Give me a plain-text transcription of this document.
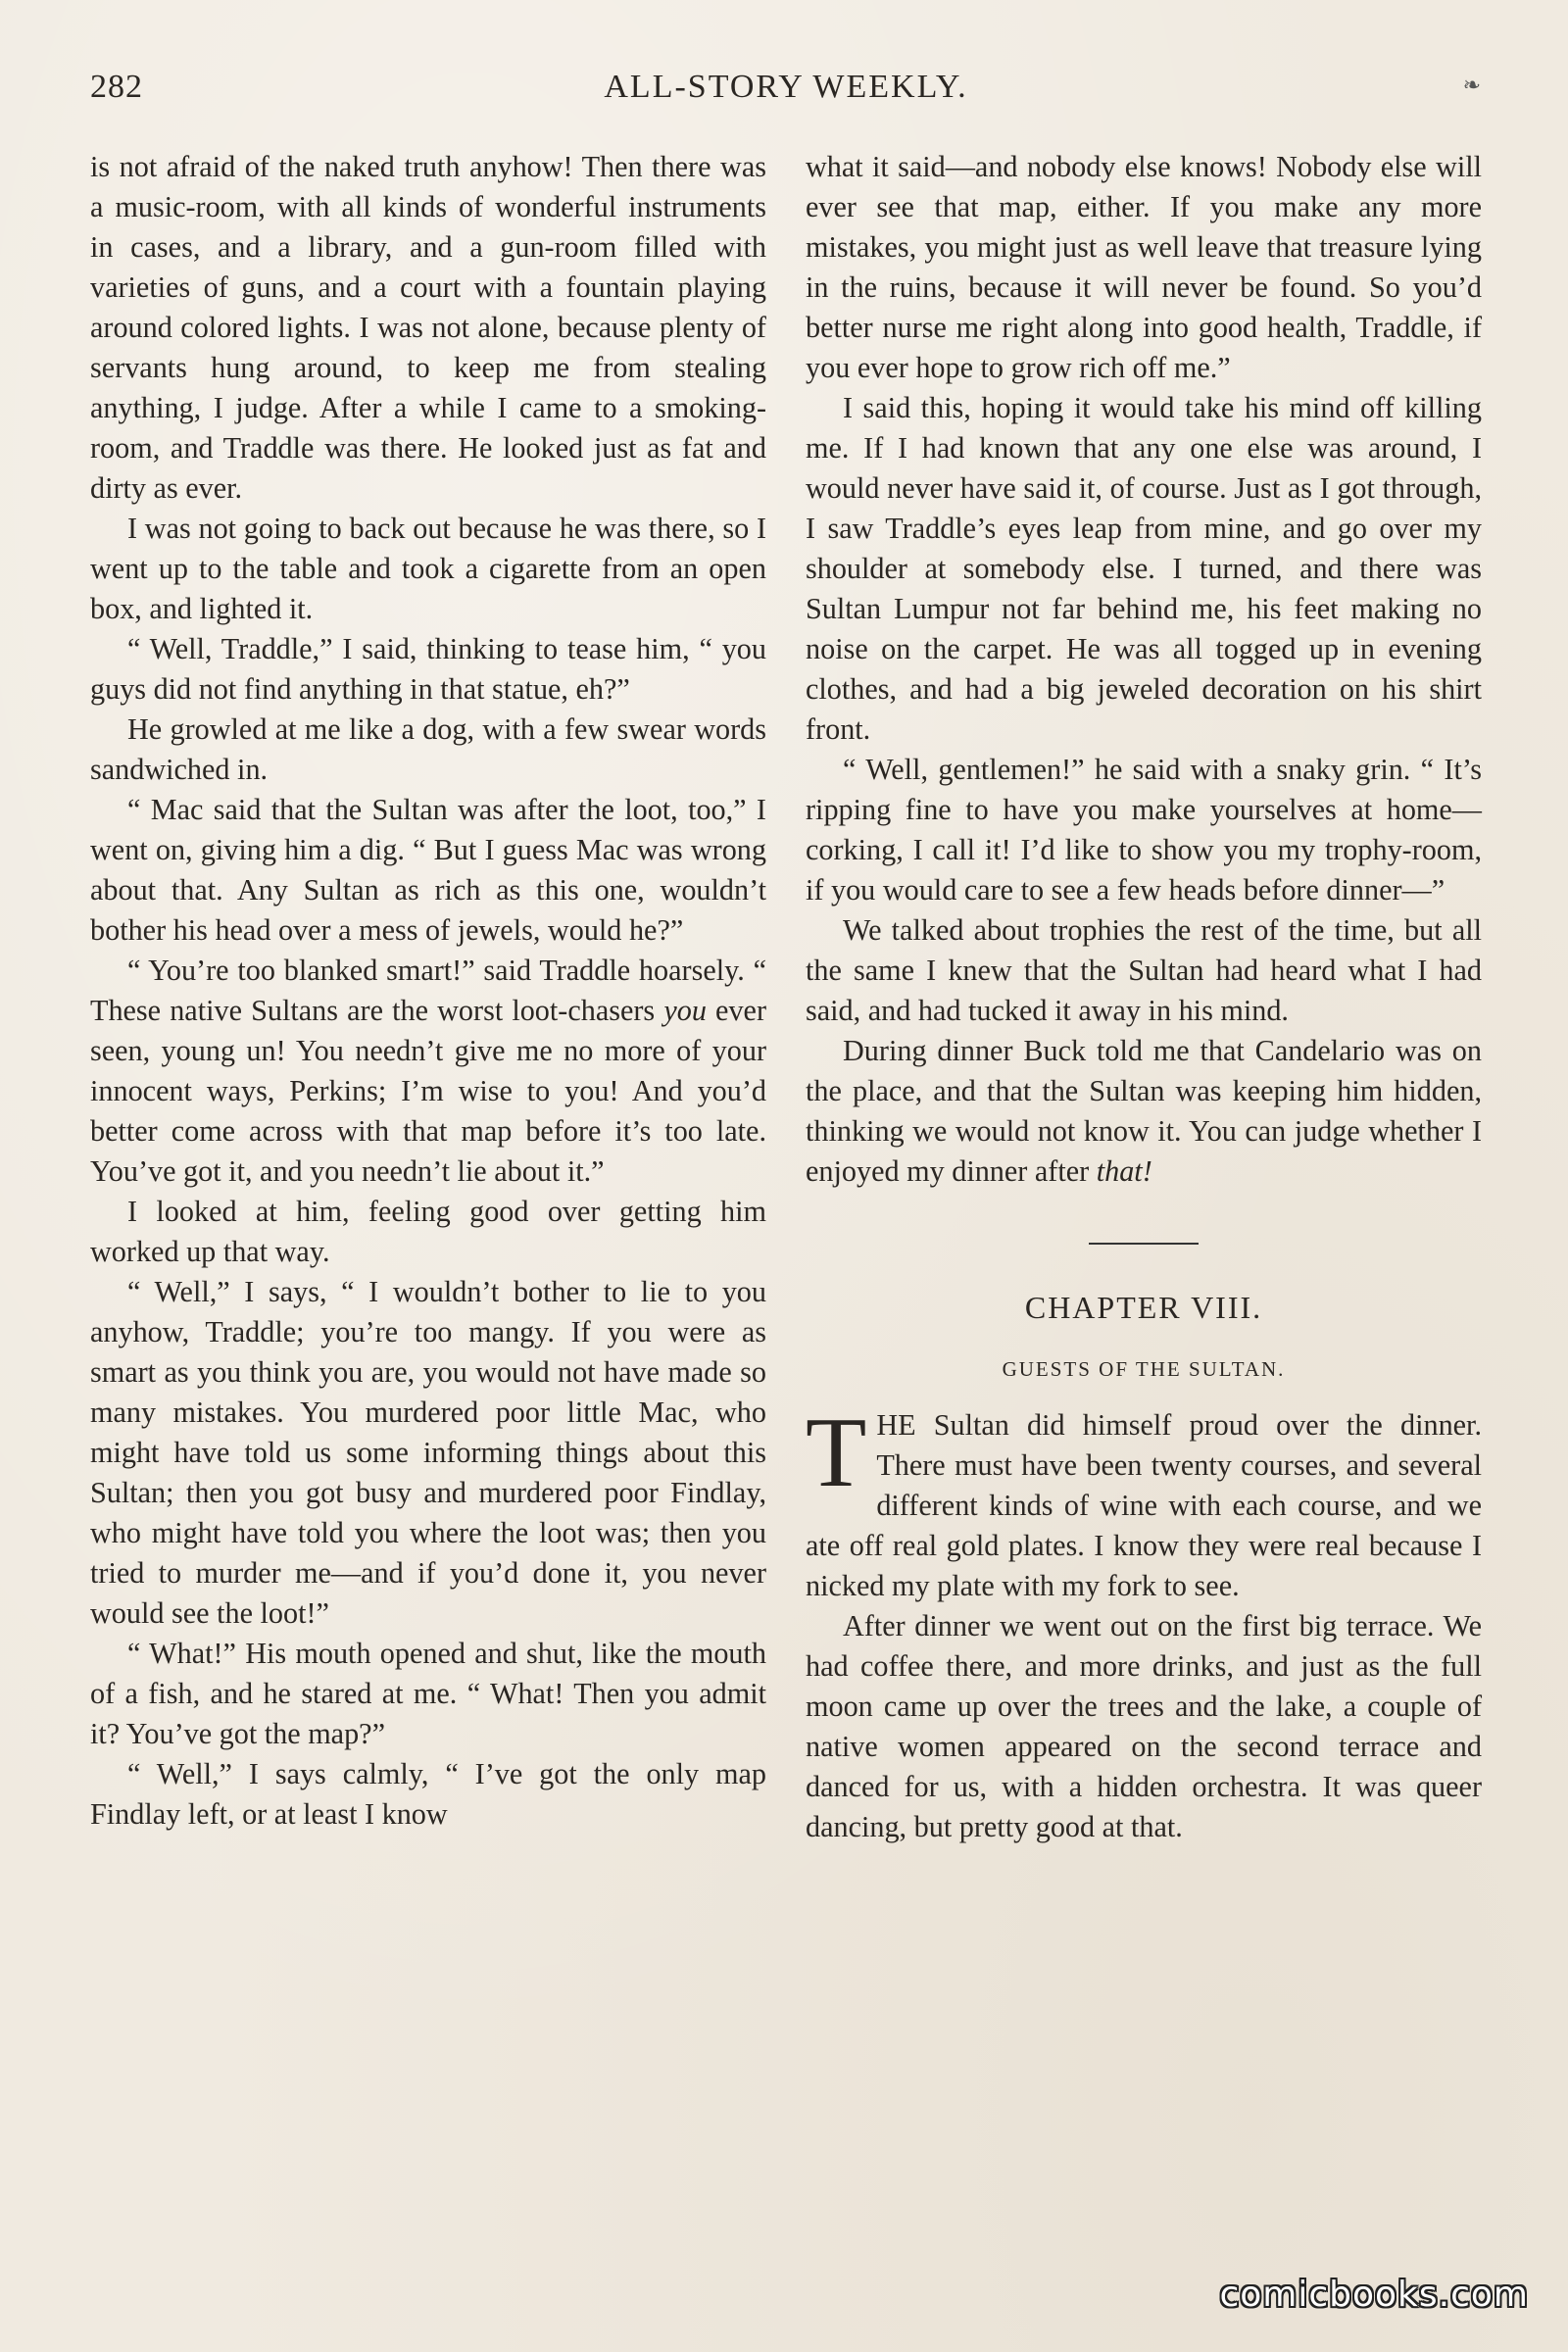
282	ALL-STORY WEEKLY.	❧

is not afraid of the naked truth anyhow! Then there was a music-room, with all kinds of wonderful instruments in cases, and a library, and a gun-room filled with varieties of guns, and a court with a fountain playing around colored lights. I was not alone, because plenty of servants hung around, to keep me from stealing anything, I judge. After a while I came to a smoking-room, and Traddle was there. He looked just as fat and dirty as ever.

I was not going to back out because he was there, so I went up to the table and took a cigarette from an open box, and lighted it.

“ Well, Traddle,” I said, thinking to tease him, “ you guys did not find anything in that statue, eh?”

He growled at me like a dog, with a few swear words sandwiched in.

“ Mac said that the Sultan was after the loot, too,” I went on, giving him a dig. “ But I guess Mac was wrong about that. Any Sultan as rich as this one, wouldn’t bother his head over a mess of jewels, would he?”

“ You’re too blanked smart!” said Traddle hoarsely. “ These native Sultans are the worst loot-chasers you ever seen, young un! You needn’t give me no more of your innocent ways, Perkins; I’m wise to you! And you’d better come across with that map before it’s too late. You’ve got it, and you needn’t lie about it.”

I looked at him, feeling good over getting him worked up that way.

“ Well,” I says, “ I wouldn’t bother to lie to you anyhow, Traddle; you’re too mangy. If you were as smart as you think you are, you would not have made so many mistakes. You murdered poor little Mac, who might have told us some informing things about this Sultan; then you got busy and murdered poor Findlay, who might have told you where the loot was; then you tried to murder me—and if you’d done it, you never would see the loot!”

“ What!” His mouth opened and shut, like the mouth of a fish, and he stared at me. “ What! Then you admit it? You’ve got the map?”

“ Well,” I says calmly, “ I’ve got the only map Findlay left, or at least I know

what it said—and nobody else knows! Nobody else will ever see that map, either. If you make any more mistakes, you might just as well leave that treasure lying in the ruins, because it will never be found. So you’d better nurse me right along into good health, Traddle, if you ever hope to grow rich off me.”

I said this, hoping it would take his mind off killing me. If I had known that any one else was around, I would never have said it, of course. Just as I got through, I saw Traddle’s eyes leap from mine, and go over my shoulder at somebody else. I turned, and there was Sultan Lumpur not far behind me, his feet making no noise on the carpet. He was all togged up in evening clothes, and had a big jeweled decoration on his shirt front.

“ Well, gentlemen!” he said with a snaky grin. “ It’s ripping fine to have you make yourselves at home—corking, I call it! I’d like to show you my trophy-room, if you would care to see a few heads before dinner—”

We talked about trophies the rest of the time, but all the same I knew that the Sultan had heard what I had said, and had tucked it away in his mind.

During dinner Buck told me that Candelario was on the place, and that the Sultan was keeping him hidden, thinking we would not know it. You can judge whether I enjoyed my dinner after that!

CHAPTER VIII.
GUESTS OF THE SULTAN.

THE Sultan did himself proud over the dinner. There must have been twenty courses, and several different kinds of wine with each course, and we ate off real gold plates. I know they were real because I nicked my plate with my fork to see.

After dinner we went out on the first big terrace. We had coffee there, and more drinks, and just as the full moon came up over the trees and the lake, a couple of native women appeared on the second terrace and danced for us, with a hidden orchestra. It was queer dancing, but pretty good at that.

comicbooks.com
